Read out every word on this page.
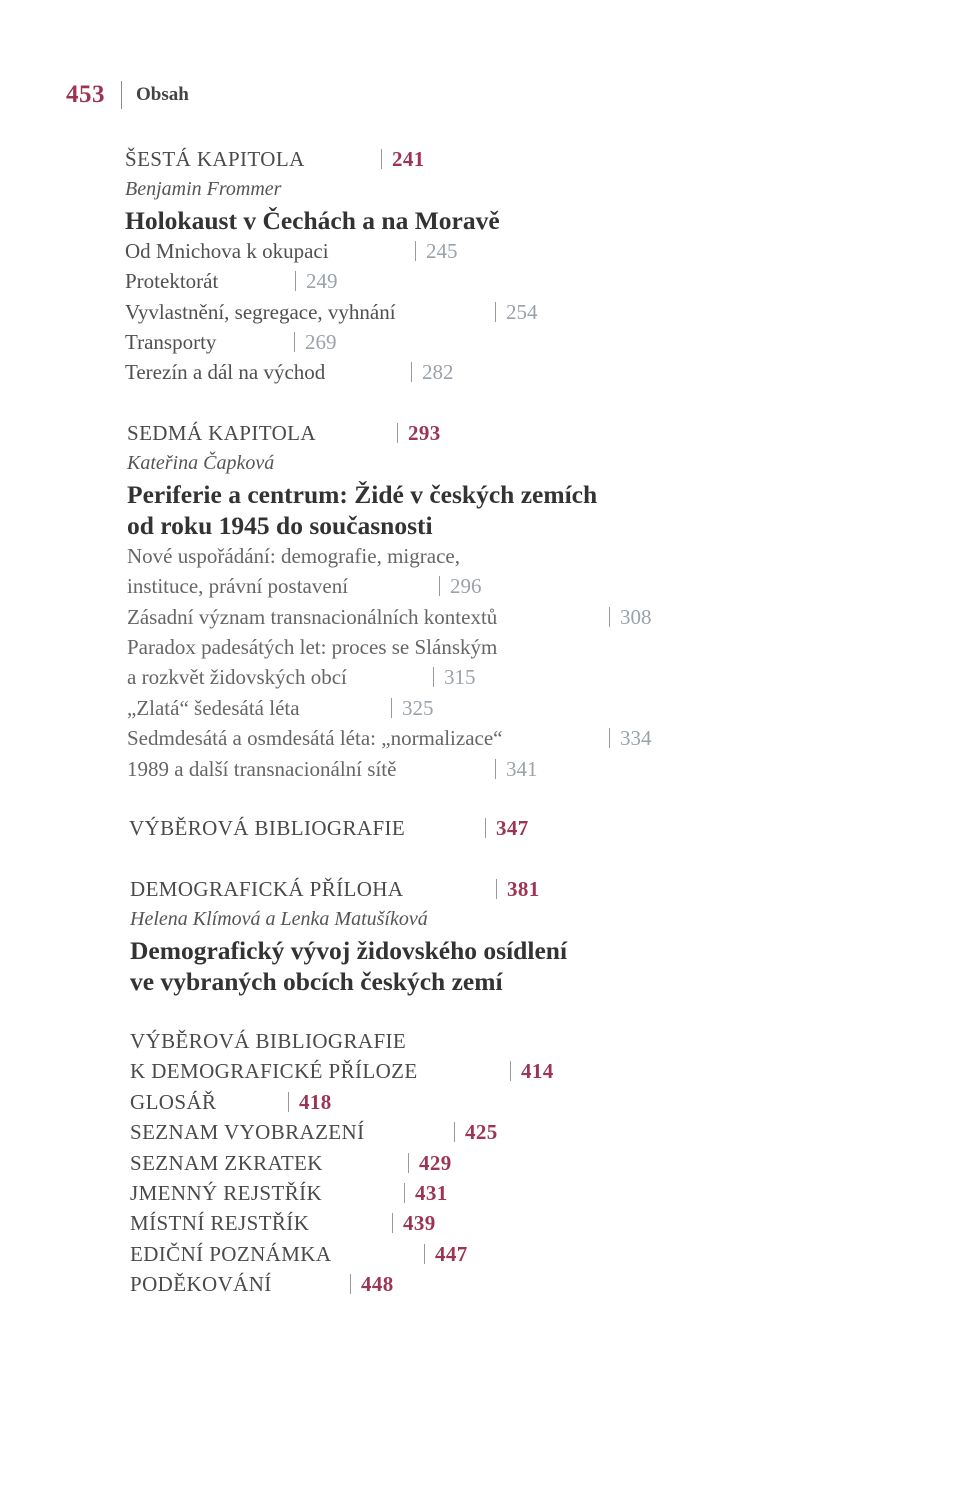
453 Obsah
ŠESTÁ KAPITOLA	241
Benjamin Frommer
Holokaust v Čechách a na Moravě
Od Mnichova k okupaci	245
Protektorát	249
Vyvlastnění, segregace, vyhnání	254
Transporty	269
Terezín a dál na východ	282
SEDMÁ KAPITOLA	293
Kateřina Čapková
Periferie a centrum: Židé v českých zemích
od roku 1945 do současnosti
Nové uspořádání: demografie, migrace,
instituce, právní postavení	296
Zásadní význam transnacionálních kontextů	308
Paradox padesátých let: proces se Slánským
a rozkvět židovských obcí	315
„Zlatá“ šedesátá léta	325
Sedmdesátá a osmdesátá léta: „normalizace“	334
1989 a další transnacionální sítě	341
VÝBĚROVÁ BIBLIOGRAFIE	347
DEMOGRAFICKÁ PŘÍLOHA	381
Helena Klímová a Lenka Matušíková
Demografický vývoj židovského osídlení
ve vybraných obcích českých zemí
VÝBĚROVÁ BIBLIOGRAFIE
K DEMOGRAFICKÉ PŘÍLOZE	414
GLOSÁŘ	418
SEZNAM VYOBRAZENÍ	425
SEZNAM ZKRATEK	429
JMENNÝ REJSTŘÍK	431
MÍSTNÍ REJSTŘÍK	439
EDIČNÍ POZNÁMKA	447
PODĚKOVÁNÍ	448
